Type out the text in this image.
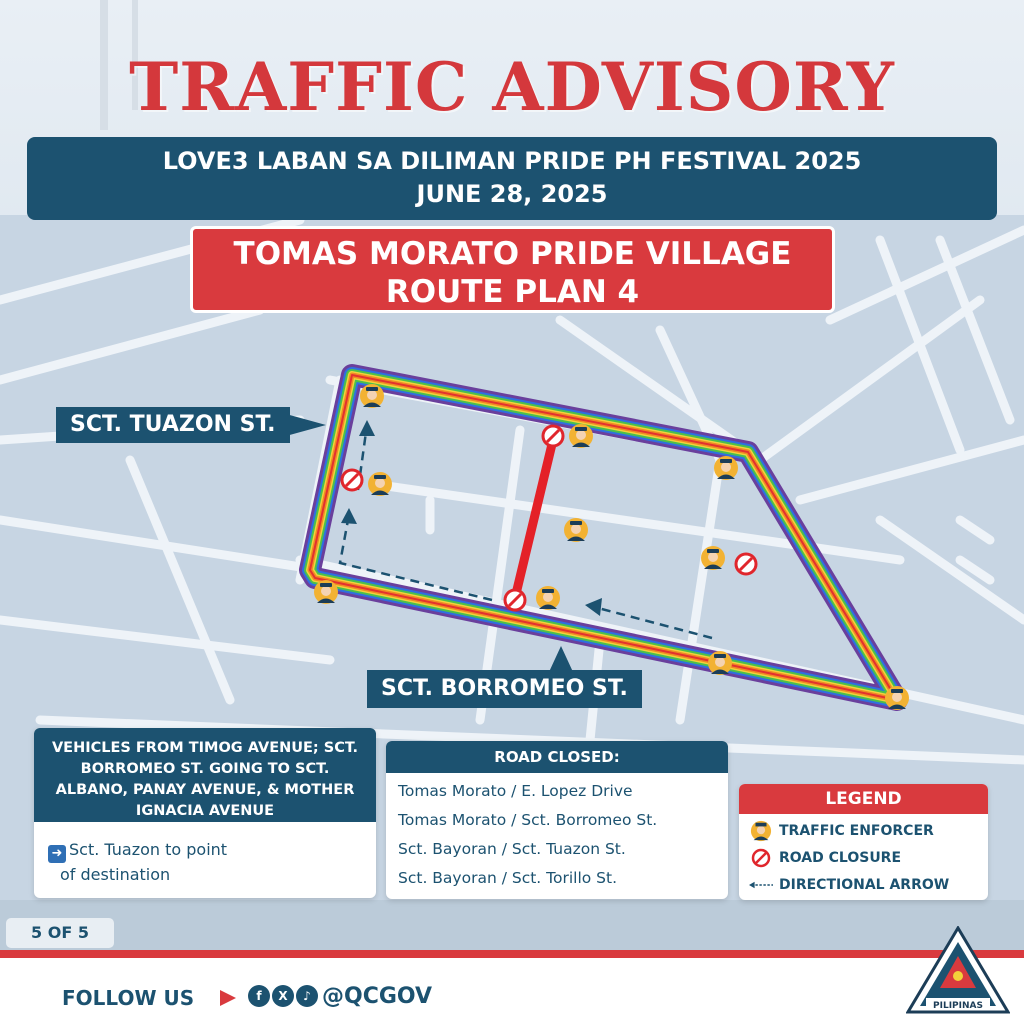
TRAFFIC ADVISORY
LOVE3 LABAN SA DILIMAN PRIDE PH FESTIVAL 2025
JUNE 28, 2025
TOMAS MORATO PRIDE VILLAGE
ROUTE PLAN 4
SCT. TUAZON ST.
SCT. BORROMEO ST.
VEHICLES FROM TIMOG AVENUE; SCT. BORROMEO ST. GOING TO SCT. ALBANO, PANAY AVENUE, & MOTHER IGNACIA AVENUE
➜ Sct. Tuazon to point
of destination
ROAD CLOSED:
Tomas Morato / E. Lopez Drive
Tomas Morato / Sct. Borromeo St.
Sct. Bayoran / Sct. Tuazon St.
Sct. Bayoran / Sct. Torillo St.
LEGEND
TRAFFIC ENFORCER
ROAD CLOSURE
DIRECTIONAL ARROW
5 OF 5
FOLLOW US	f	X	♪ @QCGOV	PILIPINAS
